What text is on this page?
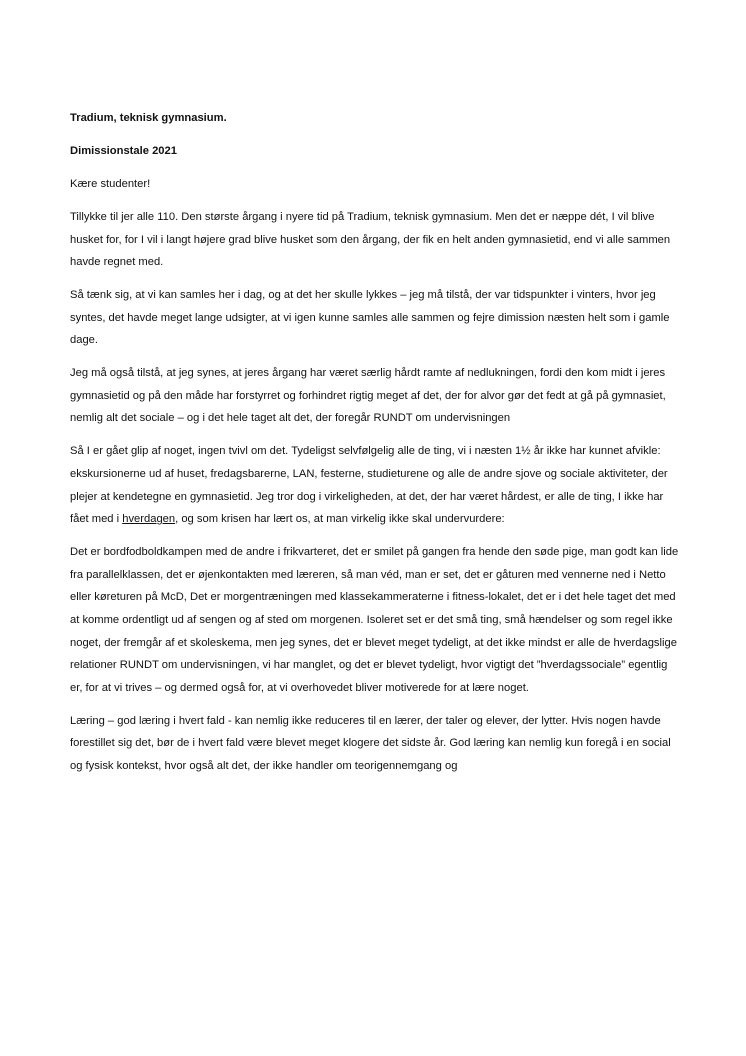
Tradium, teknisk gymnasium.

Dimissionstale 2021

Kære studenter!

Tillykke til jer alle 110. Den største årgang i nyere tid på Tradium, teknisk gymnasium. Men det er næppe dét, I vil blive husket for, for I vil i langt højere grad blive husket som den årgang, der fik en helt anden gymnasietid, end vi alle sammen havde regnet med.

Så tænk sig, at vi kan samles her i dag, og at det her skulle lykkes – jeg må tilstå, der var tidspunkter i vinters, hvor jeg syntes, det havde meget lange udsigter, at vi igen kunne samles alle sammen og fejre dimission næsten helt som i gamle dage.

Jeg må også tilstå, at jeg synes, at jeres årgang har været særlig hårdt ramte af nedlukningen, fordi den kom midt i jeres gymnasietid og på den måde har forstyrret og forhindret rigtig meget af det, der for alvor gør det fedt at gå på gymnasiet, nemlig alt det sociale – og i det hele taget alt det, der foregår RUNDT om undervisningen

Så I er gået glip af noget, ingen tvivl om det. Tydeligst selvfølgelig alle de ting, vi i næsten 1½ år ikke har kunnet afvikle: ekskursionerne ud af huset, fredagsbarerne, LAN, festerne, studieturene og alle de andre sjove og sociale aktiviteter, der plejer at kendetegne en gymnasietid. Jeg tror dog i virkeligheden, at det, der har været hårdest, er alle de ting, I ikke har fået med i hverdagen, og som krisen har lært os, at man virkelig ikke skal undervurdere:

Det er bordfodboldkampen med de andre i frikvarteret, det er smilet på gangen fra hende den søde pige, man godt kan lide fra parallelklassen, det er øjenkontakten med læreren, så man véd, man er set, det er gåturen med vennerne ned i Netto eller køreturen på McD, Det er morgentræningen med klassekammeraterne i fitness-lokalet, det er i det hele taget det med at komme ordentligt ud af sengen og af sted om morgenen. Isoleret set er det små ting, små hændelser og som regel ikke noget, der fremgår af et skoleskema, men jeg synes, det er blevet meget tydeligt, at det ikke mindst er alle de hverdagslige relationer RUNDT om undervisningen, vi har manglet, og det er blevet tydeligt, hvor vigtigt det ”hverdagssociale” egentlig er, for at vi trives – og dermed også for, at vi overhovedet bliver motiverede for at lære noget.

Læring – god læring i hvert fald - kan nemlig ikke reduceres til en lærer, der taler og elever, der lytter. Hvis nogen havde forestillet sig det, bør de i hvert fald være blevet meget klogere det sidste år. God læring kan nemlig kun foregå i en social og fysisk kontekst, hvor også alt det, der ikke handler om teorigennemgang og
